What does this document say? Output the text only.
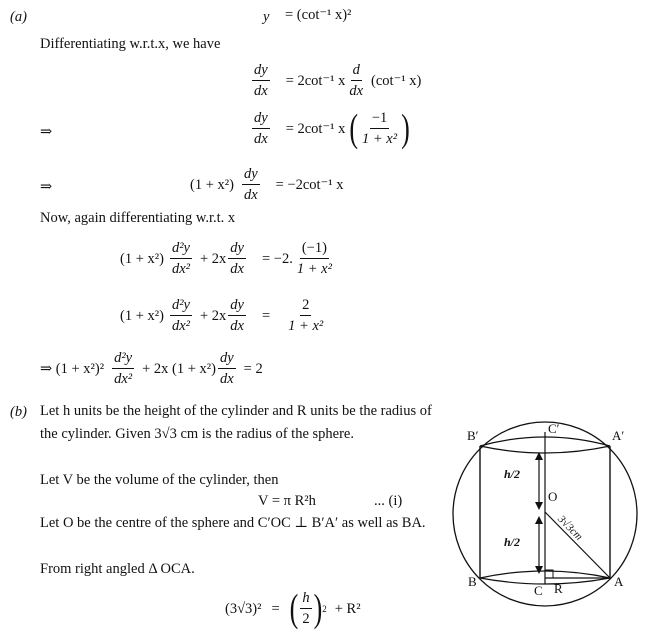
(a)	y = (cot⁻¹ x)²
Differentiating w.r.t.x, we have
$\frac{dy}{dx} = 2\cot^{-1}$ x $\frac{d}{dx} (\cot^{-1}$ x)
⇒	$\frac{dy}{dx} = 2\cot^{-1}$ x ( $\frac{-1}{\text{1 + x²}}$ )
⇒	$(1 + x^2) \frac{dy}{dx} = -2\cot^{-1}$ x
Now, again differentiating w.r.t. x
$(1 + x^2) \frac{\text{d²y}}{\text{dx²}} + 2x \frac{dy}{dx} = -2$. $\frac{(-1)}{\text{1 + x²}}$
$(1 + x^2) \frac{\text{d²y}}{\text{dx²}} + 2x \frac{dy}{dx} = \frac{2}{\text{1 + x²}}$
⇒ $(1 + x^2)^2 \frac{\text{d²y}}{\text{dx²}} + 2x$ $(1 + x^2) \frac{dy}{dx} = 2$
(b) Let h units be the height of the cylinder and R units be the radius of the cylinder. Given 3√3 cm is the radius of the sphere.
Let V be the volume of the cylinder, then
V = π R²h	... (i)
Let O be the centre of the sphere and C′OC ⊥ B′A′ as well as BA.
From right angled Δ OCA.
(3√3)² = ( $\frac{h}{2}$ ) 2 + R²
B′	C′	A′
h/2
O
h/2	3√3cm
B
C R	A
